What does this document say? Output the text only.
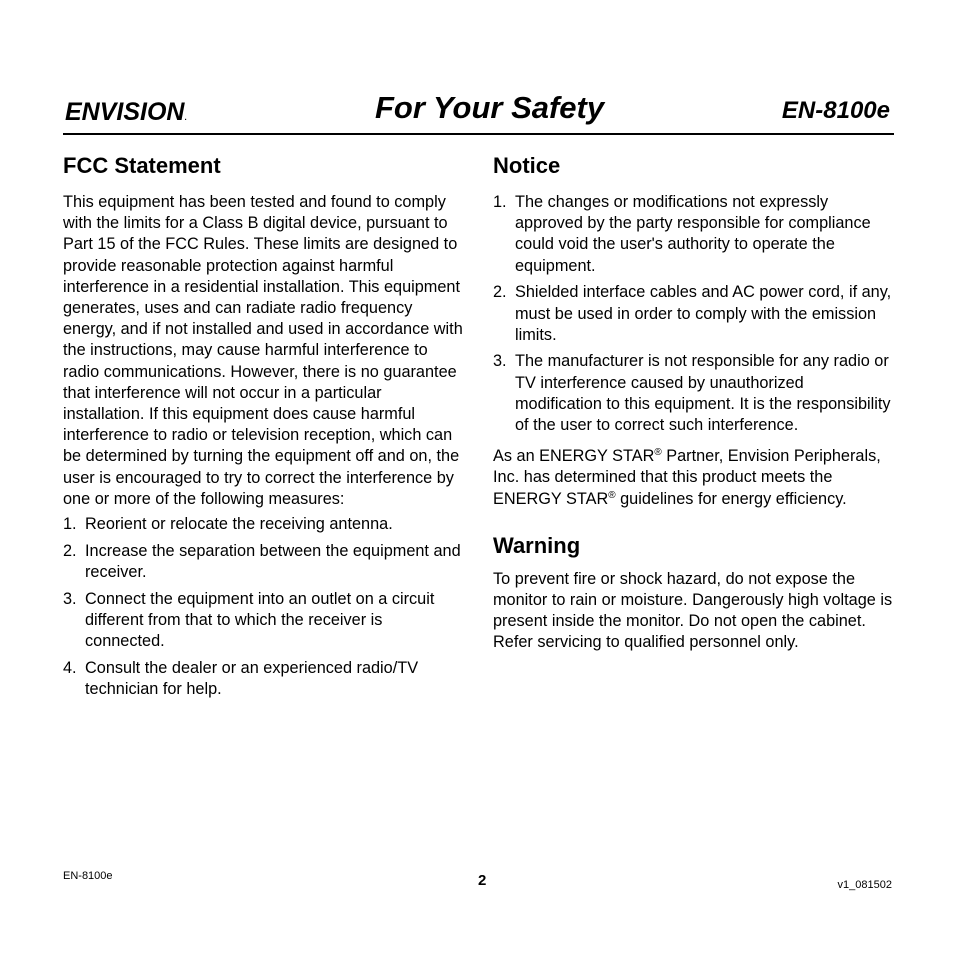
ENVISION.	For Your Safety	EN-8100e
FCC Statement

This equipment has been tested and found to comply with the limits for a Class B digital device, pursuant to Part 15 of the FCC Rules. These limits are designed to provide reasonable protection against harmful interference in a residential installation. This equipment generates, uses and can radiate radio frequency energy, and if not installed and used in accordance with the instructions, may cause harmful interference to radio communications. However, there is no guarantee that interference will not occur in a particular installation. If this equipment does cause harmful interference to radio or television reception, which can be determined by turning the equipment off and on, the user is encouraged to try to correct the interference by one or more of the following measures:

1. Reorient or relocate the receiving antenna.
2. Increase the separation between the equipment and receiver.
3. Connect the equipment into an outlet on a circuit different from that to which the receiver is connected.
4. Consult the dealer or an experienced radio/TV technician for help.
Notice
1. The changes or modifications not expressly approved by the party responsible for compliance could void the user's authority to operate the equipment.
2. Shielded interface cables and AC power cord, if any, must be used in order to comply with the emission limits.
3. The manufacturer is not responsible for any radio or TV interference caused by unauthorized modification to this equipment. It is the responsibility of the user to correct such interference.

As an ENERGY STAR® Partner, Envision Peripherals, Inc. has determined that this product meets the ENERGY STAR® guidelines for energy efficiency.

Warning

To prevent fire or shock hazard, do not expose the monitor to rain or moisture. Dangerously high voltage is present inside the monitor. Do not open the cabinet. Refer servicing to qualified personnel only.

EN-8100e	2	v1_081502
